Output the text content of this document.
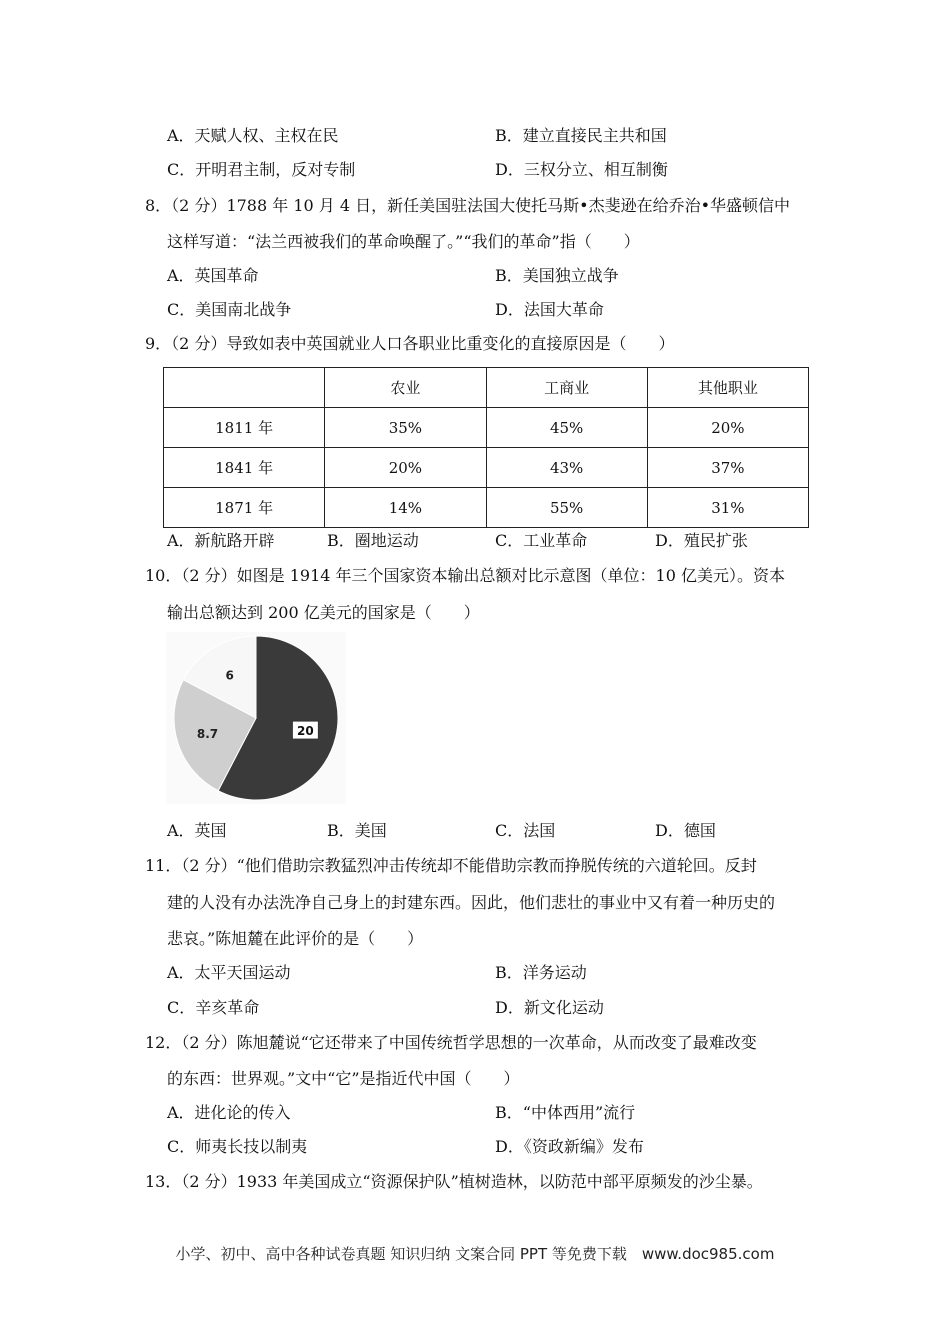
A．天赋人权、主权在民	B．建立直接民主共和国
C．开明君主制，反对专制	D．三权分立、相互制衡
8．（2 分）1788 年 10 月 4 日，新任美国驻法国大使托马斯•杰斐逊在给乔治•华盛顿信中
这样写道：“法兰西被我们的革命唤醒了。”“我们的革命”指（　　）
A．英国革命	B．美国独立战争
C．美国南北战争	D．法国大革命
9．（2 分）导致如表中英国就业人口各职业比重变化的直接原因是（　　）
	农业	工商业	其他职业
1811 年	35%	45%	20%
1841 年	20%	43%	37%
1871 年	14%	55%	31%
A．新航路开辟	B．圈地运动	C．工业革命	D．殖民扩张
10．（2 分）如图是 1914 年三个国家资本输出总额对比示意图（单位：10 亿美元）。资本
输出总额达到 200 亿美元的国家是（　　）
20
8.7
6
A．英国	B．美国	C．法国	D．德国
11．（2 分）“他们借助宗教猛烈冲击传统却不能借助宗教而挣脱传统的六道轮回。反封
建的人没有办法洗净自己身上的封建东西。因此，他们悲壮的事业中又有着一种历史的
悲哀。”陈旭麓在此评价的是（　　）
A．太平天国运动	B．洋务运动
C．辛亥革命	D．新文化运动
12．（2 分）陈旭麓说“它还带来了中国传统哲学思想的一次革命，从而改变了最难改变
的东西：世界观。”文中“它”是指近代中国（　　）
A．进化论的传入	B．“中体西用”流行
C．师夷长技以制夷	D．《资政新编》发布
13．（2 分）1933 年美国成立“资源保护队”植树造林，以防范中部平原频发的沙尘暴。
小学、初中、高中各种试卷真题 知识归纳 文案合同 PPT 等免费下载　www.doc985.com
